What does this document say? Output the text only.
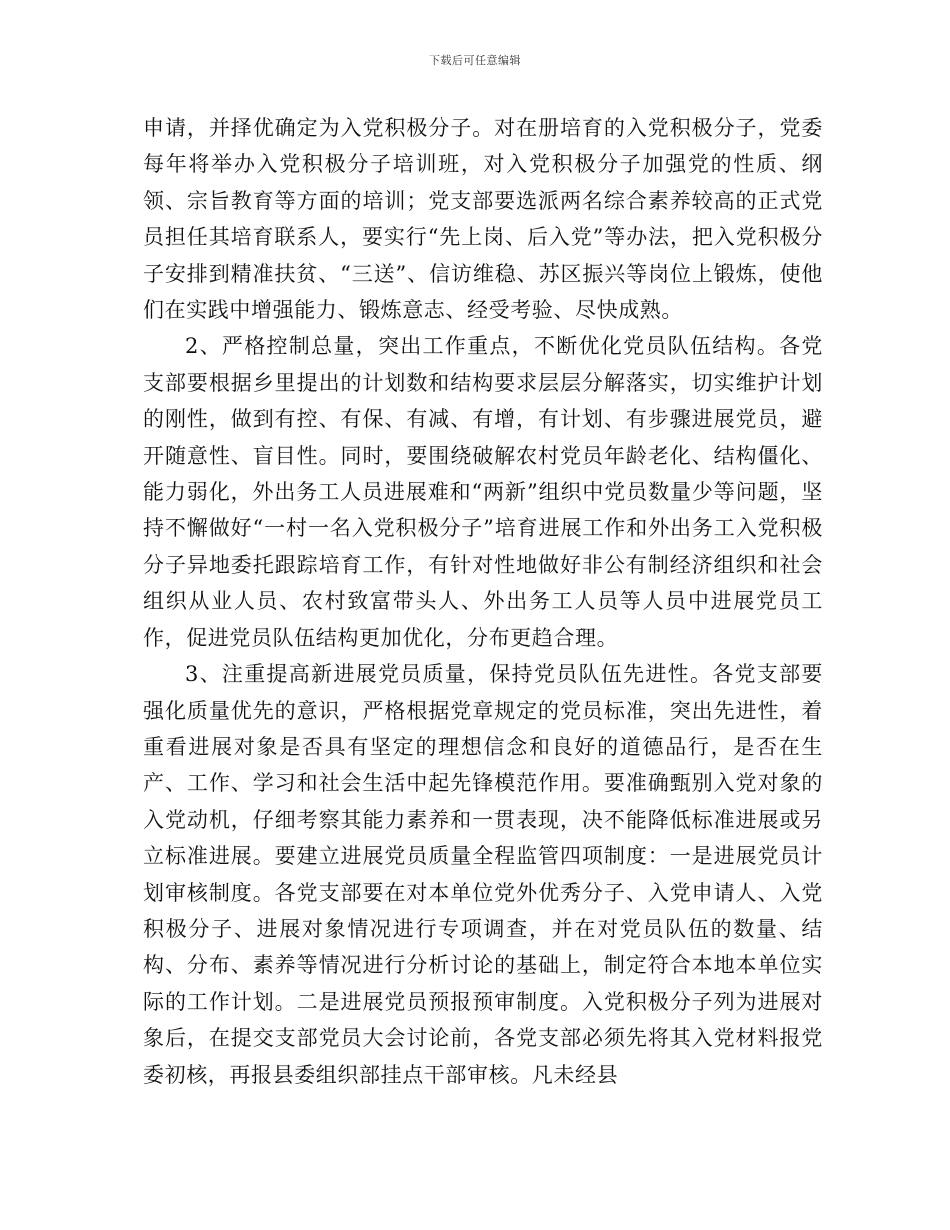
下载后可任意编辑

申请，并择优确定为入党积极分子。对在册培育的入党积极分子，党委每年将举办入党积极分子培训班，对入党积极分子加强党的性质、纲领、宗旨教育等方面的培训；党支部要选派两名综合素养较高的正式党员担任其培育联系人，要实行“先上岗、后入党”等办法，把入党积极分子安排到精准扶贫、“三送”、信访维稳、苏区振兴等岗位上锻炼，使他们在实践中增强能力、锻炼意志、经受考验、尽快成熟。

2、严格控制总量，突出工作重点，不断优化党员队伍结构。各党支部要根据乡里提出的计划数和结构要求层层分解落实，切实维护计划的刚性，做到有控、有保、有减、有增，有计划、有步骤进展党员，避开随意性、盲目性。同时，要围绕破解农村党员年龄老化、结构僵化、能力弱化，外出务工人员进展难和“两新”组织中党员数量少等问题，坚持不懈做好“一村一名入党积极分子”培育进展工作和外出务工入党积极分子异地委托跟踪培育工作，有针对性地做好非公有制经济组织和社会组织从业人员、农村致富带头人、外出务工人员等人员中进展党员工作，促进党员队伍结构更加优化，分布更趋合理。

3、注重提高新进展党员质量，保持党员队伍先进性。各党支部要强化质量优先的意识，严格根据党章规定的党员标准，突出先进性，着重看进展对象是否具有坚定的理想信念和良好的道德品行，是否在生产、工作、学习和社会生活中起先锋模范作用。要准确甄别入党对象的入党动机，仔细考察其能力素养和一贯表现，决不能降低标准进展或另立标准进展。要建立进展党员质量全程监管四项制度：一是进展党员计划审核制度。各党支部要在对本单位党外优秀分子、入党申请人、入党积极分子、进展对象情况进行专项调查，并在对党员队伍的数量、结构、分布、素养等情况进行分析讨论的基础上，制定符合本地本单位实际的工作计划。二是进展党员预报预审制度。入党积极分子列为进展对象后，在提交支部党员大会讨论前，各党支部必须先将其入党材料报党委初核，再报县委组织部挂点干部审核。凡未经县
